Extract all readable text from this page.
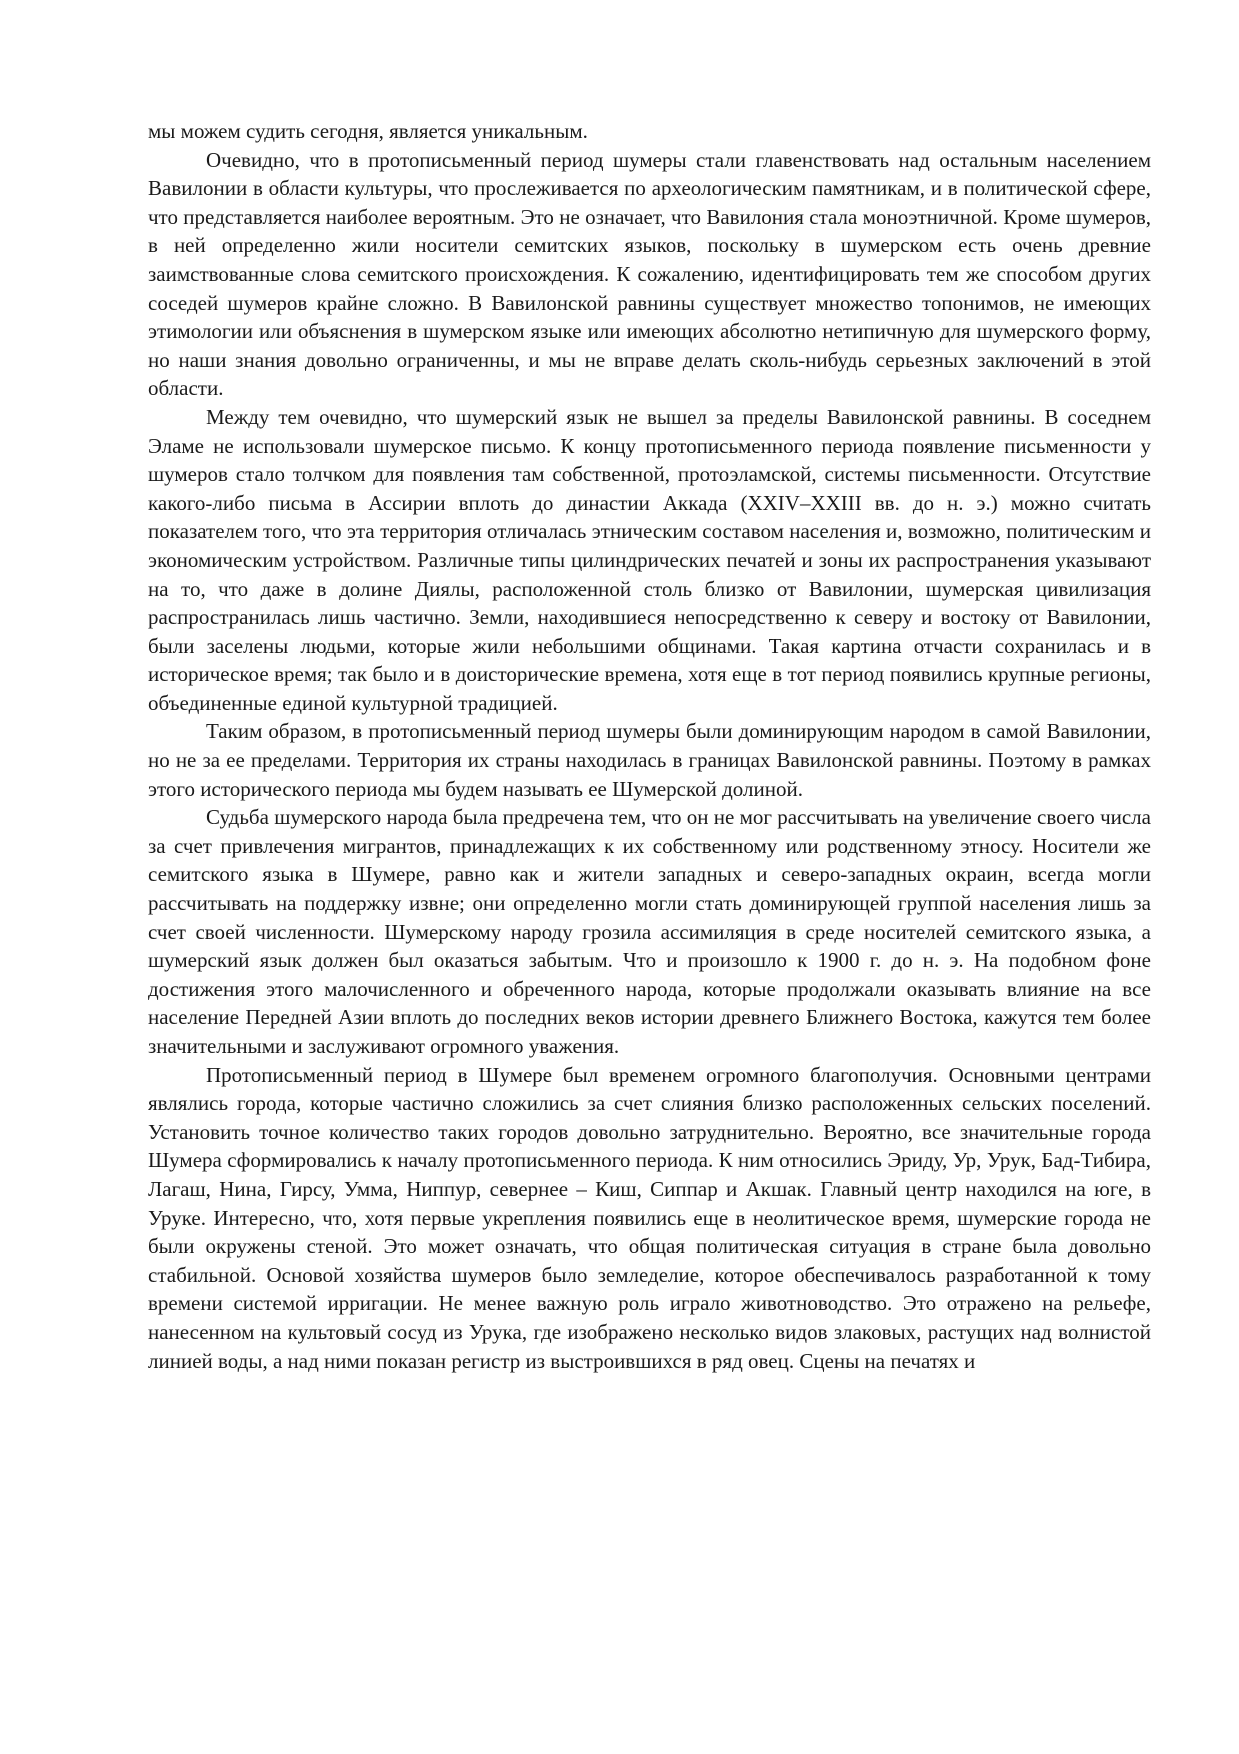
мы можем судить сегодня, является уникальным.

Очевидно, что в протописьменный период шумеры стали главенствовать над остальным населением Вавилонии в области культуры, что прослеживается по археологическим памятникам, и в политической сфере, что представляется наиболее вероятным. Это не означает, что Вавилония стала моноэтничной. Кроме шумеров, в ней определенно жили носители семитских языков, поскольку в шумерском есть очень древние заимствованные слова семитского происхождения. К сожалению, идентифицировать тем же способом других соседей шумеров крайне сложно. В Вавилонской равнины существует множество топонимов, не имеющих этимологии или объяснения в шумерском языке или имеющих абсолютно нетипичную для шумерского форму, но наши знания довольно ограниченны, и мы не вправе делать сколь-нибудь серьезных заключений в этой области.

Между тем очевидно, что шумерский язык не вышел за пределы Вавилонской равнины. В соседнем Эламе не использовали шумерское письмо. К концу протописьменного периода появление письменности у шумеров стало толчком для появления там собственной, протоэламской, системы письменности. Отсутствие какого-либо письма в Ассирии вплоть до династии Аккада (XXIV–XXIII вв. до н. э.) можно считать показателем того, что эта территория отличалась этническим составом населения и, возможно, политическим и экономическим устройством. Различные типы цилиндрических печатей и зоны их распространения указывают на то, что даже в долине Диялы, расположенной столь близко от Вавилонии, шумерская цивилизация распространилась лишь частично. Земли, находившиеся непосредственно к северу и востоку от Вавилонии, были заселены людьми, которые жили небольшими общинами. Такая картина отчасти сохранилась и в историческое время; так было и в доисторические времена, хотя еще в тот период появились крупные регионы, объединенные единой культурной традицией.

Таким образом, в протописьменный период шумеры были доминирующим народом в самой Вавилонии, но не за ее пределами. Территория их страны находилась в границах Вавилонской равнины. Поэтому в рамках этого исторического периода мы будем называть ее Шумерской долиной.

Судьба шумерского народа была предречена тем, что он не мог рассчитывать на увеличение своего числа за счет привлечения мигрантов, принадлежащих к их собственному или родственному этносу. Носители же семитского языка в Шумере, равно как и жители западных и северо-западных окраин, всегда могли рассчитывать на поддержку извне; они определенно могли стать доминирующей группой населения лишь за счет своей численности. Шумерскому народу грозила ассимиляция в среде носителей семитского языка, а шумерский язык должен был оказаться забытым. Что и произошло к 1900 г. до н. э. На подобном фоне достижения этого малочисленного и обреченного народа, которые продолжали оказывать влияние на все население Передней Азии вплоть до последних веков истории древнего Ближнего Востока, кажутся тем более значительными и заслуживают огромного уважения.

Протописьменный период в Шумере был временем огромного благополучия. Основными центрами являлись города, которые частично сложились за счет слияния близко расположенных сельских поселений. Установить точное количество таких городов довольно затруднительно. Вероятно, все значительные города Шумера сформировались к началу протописьменного периода. К ним относились Эриду, Ур, Урук, Бад-Тибира, Лагаш, Нина, Гирсу, Умма, Ниппур, севернее – Киш, Сиппар и Акшак. Главный центр находился на юге, в Уруке. Интересно, что, хотя первые укрепления появились еще в неолитическое время, шумерские города не были окружены стеной. Это может означать, что общая политическая ситуация в стране была довольно стабильной. Основой хозяйства шумеров было земледелие, которое обеспечивалось разработанной к тому времени системой ирригации. Не менее важную роль играло животноводство. Это отражено на рельефе, нанесенном на культовый сосуд из Урука, где изображено несколько видов злаковых, растущих над волнистой линией воды, а над ними показан регистр из выстроившихся в ряд овец. Сцены на печатях и
